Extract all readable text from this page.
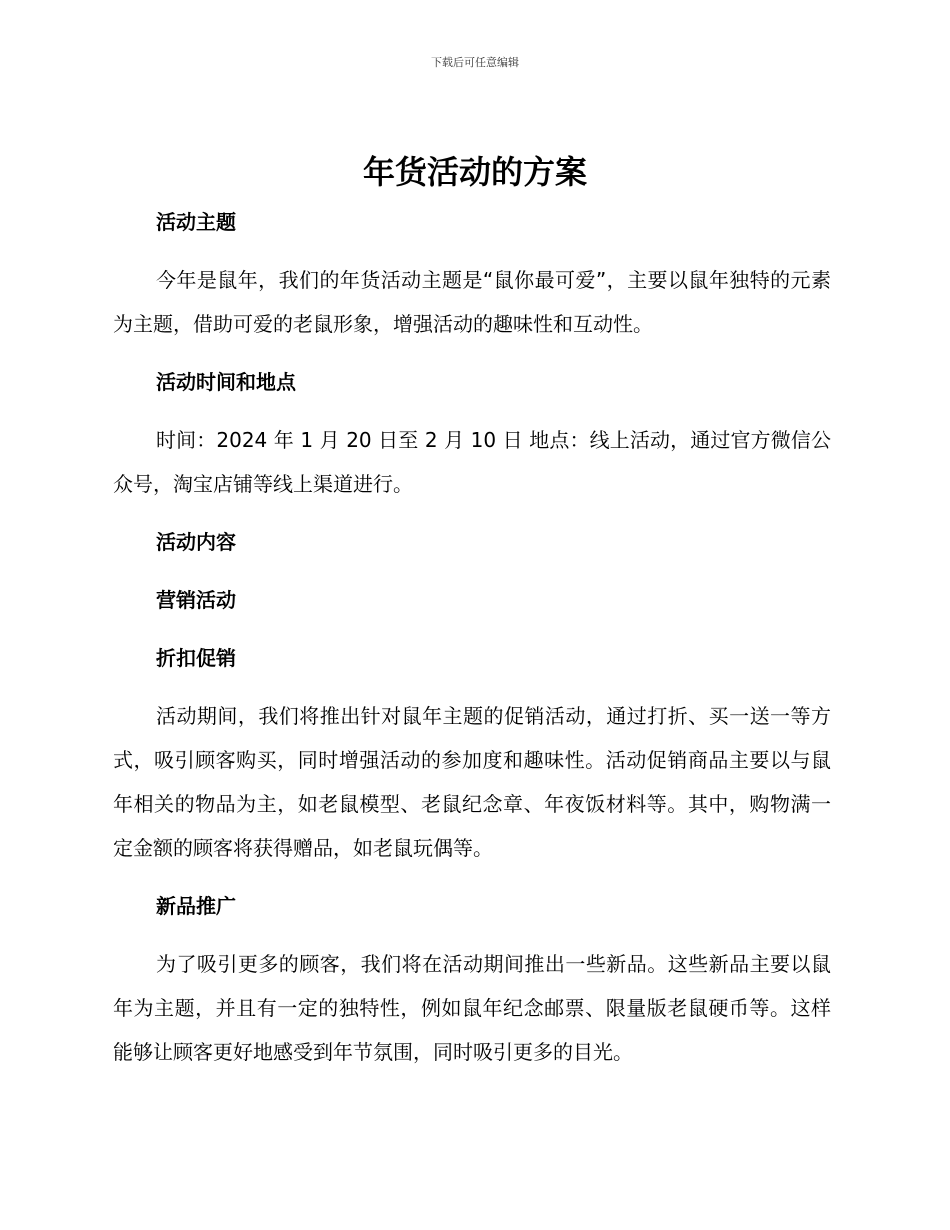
下载后可任意编辑
年货活动的方案
活动主题
今年是鼠年，我们的年货活动主题是“鼠你最可爱”，主要以鼠年独特的元素为主题，借助可爱的老鼠形象，增强活动的趣味性和互动性。
活动时间和地点
时间：2024 年 1 月 20 日至 2 月 10 日 地点：线上活动，通过官方微信公众号，淘宝店铺等线上渠道进行。
活动内容
营销活动
折扣促销
活动期间，我们将推出针对鼠年主题的促销活动，通过打折、买一送一等方式，吸引顾客购买，同时增强活动的参加度和趣味性。活动促销商品主要以与鼠年相关的物品为主，如老鼠模型、老鼠纪念章、年夜饭材料等。其中，购物满一定金额的顾客将获得赠品，如老鼠玩偶等。
新品推广
为了吸引更多的顾客，我们将在活动期间推出一些新品。这些新品主要以鼠年为主题，并且有一定的独特性，例如鼠年纪念邮票、限量版老鼠硬币等。这样能够让顾客更好地感受到年节氛围，同时吸引更多的目光。
